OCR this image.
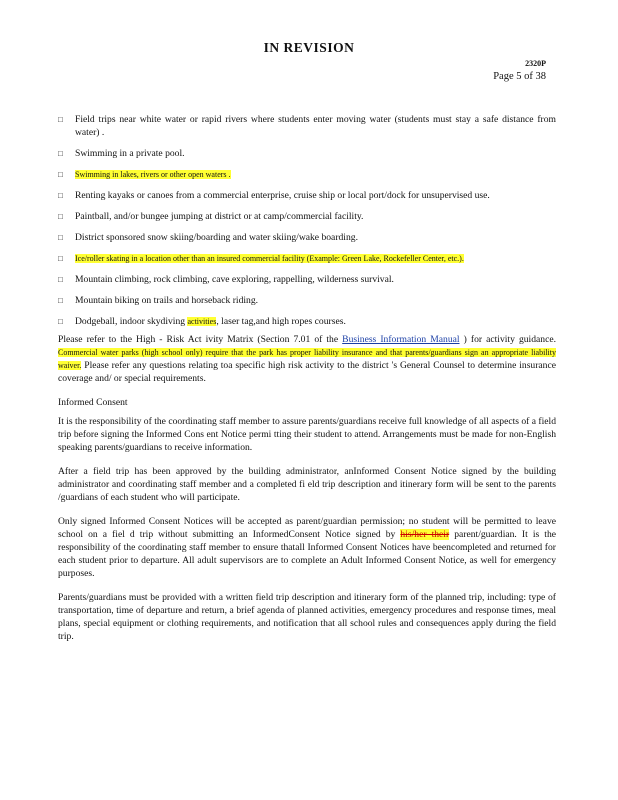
IN REVISION
2320P
Page 5 of 38
□	Field trips near white water or rapid rivers where students enter moving water (students must stay a safe distance from water) .
□	Swimming in a private pool.
□	Swimming in lakes, rivers or other open waters .
□	Renting kayaks or canoes from a commercial enterprise, cruise ship or local port/dock for unsupervised use.
□	Paintball, and/or bungee jumping at district or at camp/commercial facility.
□	District sponsored snow skiing/boarding and water skiing/wake boarding.
□	Ice/roller skating in a location other than an insured commercial facility (Example: Green Lake, Rockefeller Center, etc.).
□	Mountain climbing, rock climbing, cave exploring, rappelling, wilderness survival.
□	Mountain biking on trails and horseback riding.
□	Dodgeball, indoor skydiving activities, laser tag,and high ropes courses.

Please refer to the High - Risk Act ivity Matrix (Section 7.01 of the Business Information Manual ) for activity guidance. Commercial water parks (high school only) require that the park has proper liability insurance and that parents/guardians sign an appropriate liability waiver. Please refer any questions relating toa specific high risk activity to the district 's General Counsel to determine insurance coverage and/ or special requirements.

Informed Consent

It is the responsibility of the coordinating staff member to assure parents/guardians receive full knowledge of all aspects of a field trip before signing the Informed Cons ent Notice permi tting their student to attend. Arrangements must be made for non-English speaking parents/guardians to receive information.

After a field trip has been approved by the building administrator, anInformed Consent Notice signed by the building administrator and coordinating staff member and a completed fi eld trip description and itinerary form will be sent to the parents /guardians of each student who will participate.

Only signed Informed Consent Notices will be accepted as parent/guardian permission; no student will be permitted to leave school on a fiel d trip without submitting an InformedConsent Notice signed by his/her their parent/guardian. It is the responsibility of the coordinating staff member to ensure thatall Informed Consent Notices have beencompleted and returned for each student prior to departure. All adult supervisors are to complete an Adult Informed Consent Notice, as well for emergency purposes.

Parents/guardians must be provided with a written field trip description and itinerary form of the planned trip, including: type of transportation, time of departure and return, a brief agenda of planned activities, emergency procedures and response times, meal plans, special equipment or clothing requirements, and notification that all school rules and consequences apply during the field trip.
